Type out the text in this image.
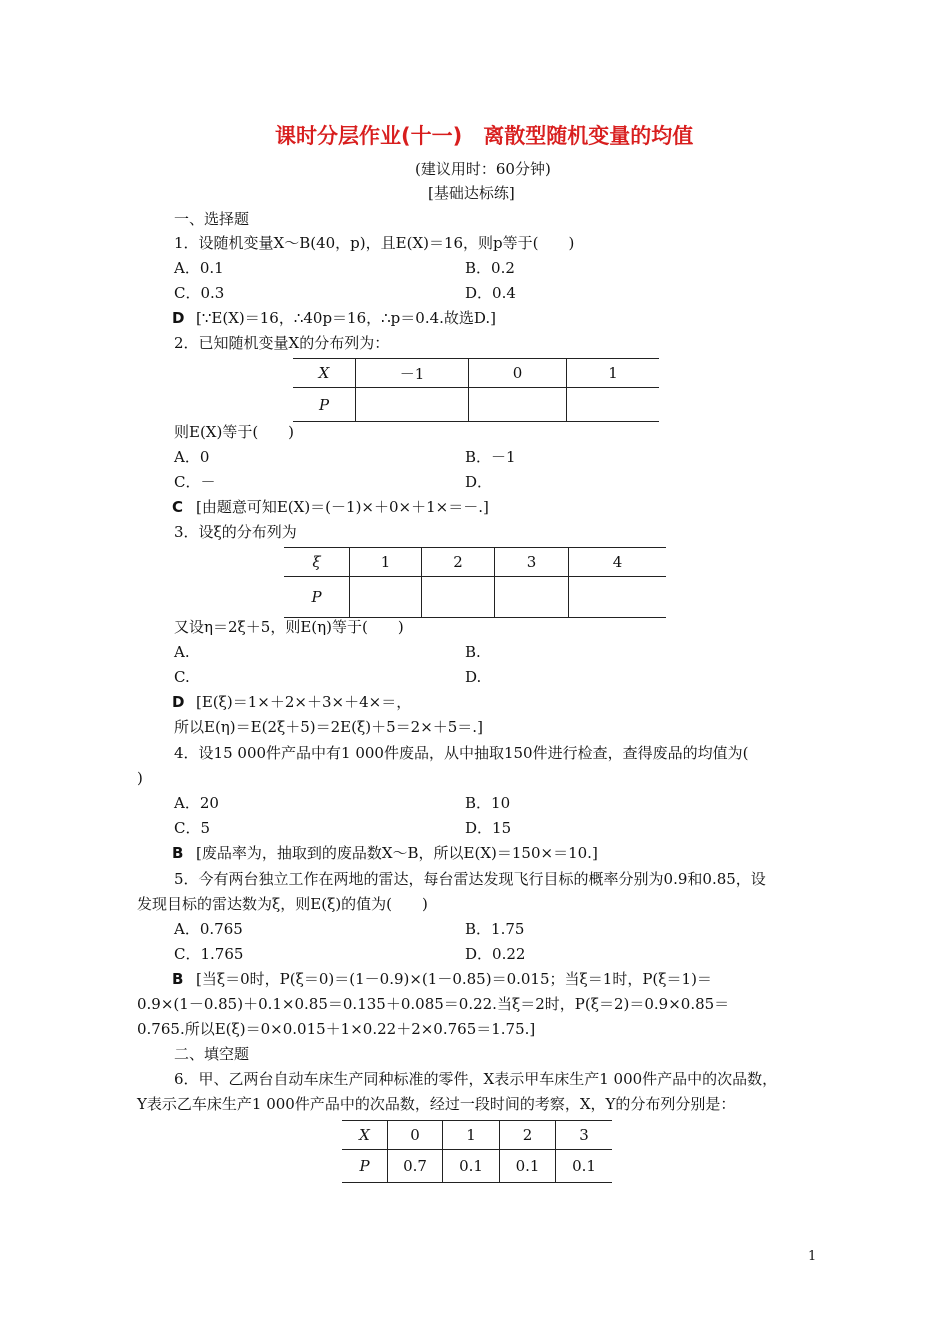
课时分层作业(十一)　离散型随机变量的均值
(建议用时：60分钟)
[基础达标练]
一、选择题
1．设随机变量X～B(40，p)，且E(X)＝16，则p等于(　　)
A．0.1	B．0.2
C．0.3	D．0.4
D [∵E(X)＝16，∴40p＝16，∴p＝0.4.故选D.]
2．已知随机变量X的分布列为：
X	－1	0	1
P			
则E(X)等于(　　)
A．0	B．－1
C．－	D．
C [由题意可知E(X)＝(－1)×＋0×＋1×＝－.]
3．设ξ的分布列为
ξ	1	2	3	4
P				
又设η＝2ξ＋5，则E(η)等于(　　)
A.	B.
C.	D.
D [E(ξ)＝1×＋2×＋3×＋4×＝，
所以E(η)＝E(2ξ＋5)＝2E(ξ)＋5＝2×＋5＝.]
4．设15 000件产品中有1 000件废品，从中抽取150件进行检查，查得废品的均值为(
)
A．20	B．10
C．5	D．15
B [废品率为，抽取到的废品数X～B，所以E(X)＝150×＝10.]
5．今有两台独立工作在两地的雷达，每台雷达发现飞行目标的概率分别为0.9和0.85，设
发现目标的雷达数为ξ，则E(ξ)的值为(　　)
A．0.765	B．1.75
C．1.765	D．0.22
B [当ξ＝0时，P(ξ＝0)＝(1－0.9)×(1－0.85)＝0.015；当ξ＝1时，P(ξ＝1)＝
0.9×(1－0.85)＋0.1×0.85＝0.135＋0.085＝0.22.当ξ＝2时，P(ξ＝2)＝0.9×0.85＝
0.765.所以E(ξ)＝0×0.015＋1×0.22＋2×0.765＝1.75.]
二、填空题
6．甲、乙两台自动车床生产同种标准的零件，X表示甲车床生产1 000件产品中的次品数，
Y表示乙车床生产1 000件产品中的次品数，经过一段时间的考察，X，Y的分布列分别是：
X	0	1	2	3
P	0.7	0.1	0.1	0.1
1
